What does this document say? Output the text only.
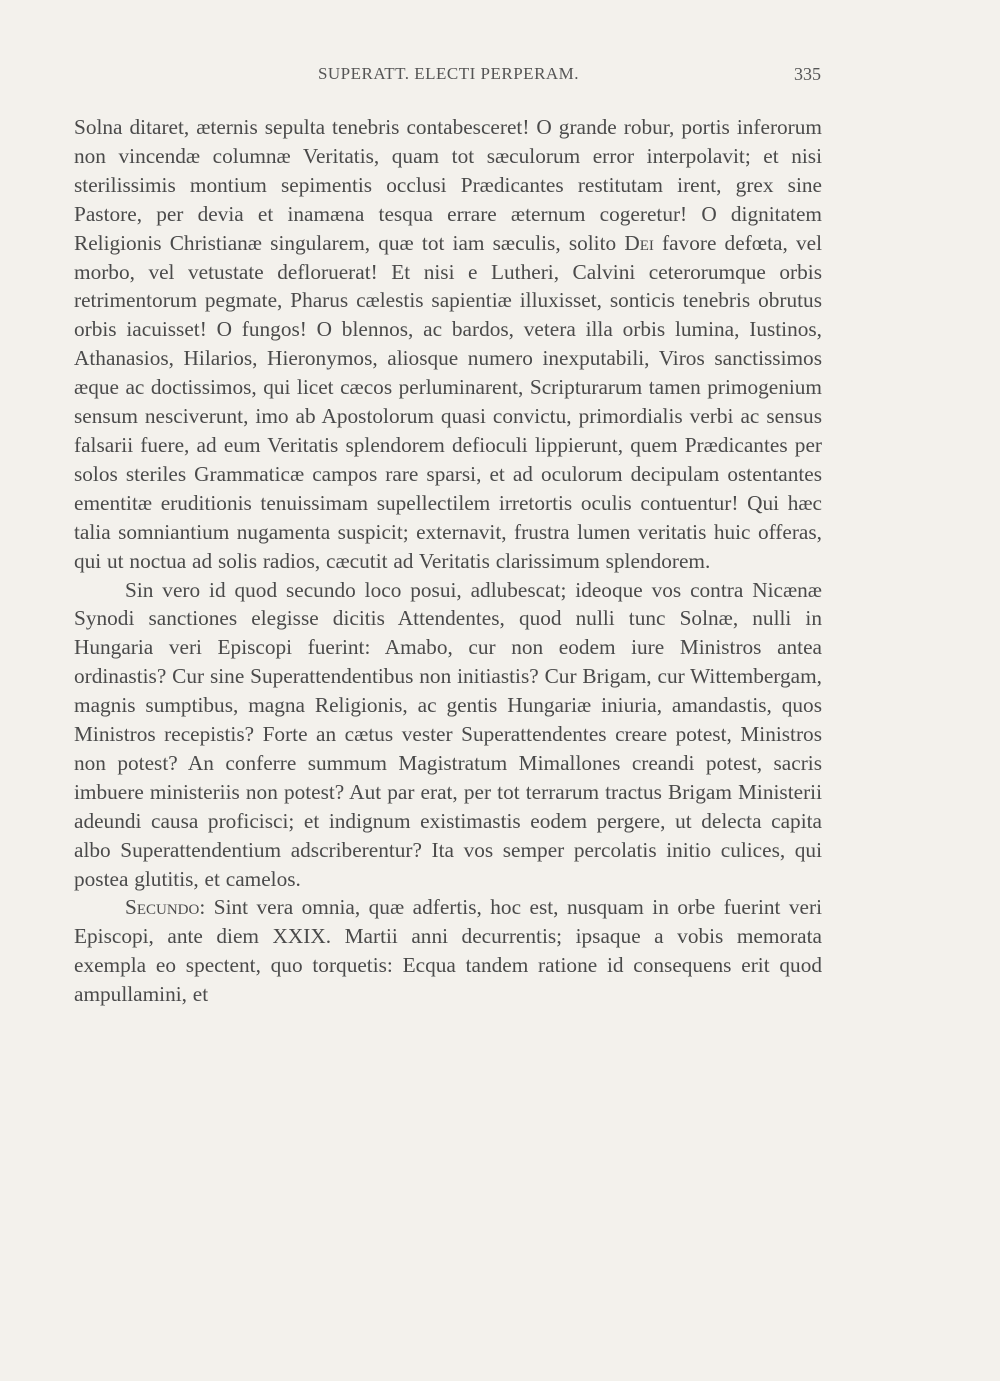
SUPERATT. ELECTI PERPERAM.	335

Solna ditaret, æternis sepulta tenebris contabesceret! O grande robur, portis inferorum non vincendæ columnæ Veritatis, quam tot sæculorum error interpolavit; et nisi sterilissimis montium sepimentis occlusi Prædicantes restitutam irent, grex sine Pastore, per devia et inamæna tesqua errare æternum cogeretur! O dignitatem Religionis Christianæ singularem, quæ tot iam sæculis, solito Dei favore defœta, vel morbo, vel vetustate defloruerat! Et nisi e Lutheri, Calvini ceterorumque orbis retrimentorum pegmate, Pharus cælestis sapientiæ illuxisset, sonticis tenebris obrutus orbis iacuisset! O fungos! O blennos, ac bardos, vetera illa orbis lumina, Iustinos, Athanasios, Hilarios, Hieronymos, aliosque numero inexputabili, Viros sanctissimos æque ac doctissimos, qui licet cæcos perluminarent, Scripturarum tamen primogenium sensum nesciverunt, imo ab Apostolorum quasi convictu, primordialis verbi ac sensus falsarii fuere, ad eum Veritatis splendorem defioculi lippierunt, quem Prædicantes per solos steriles Grammaticæ campos rare sparsi, et ad oculorum decipulam ostentantes ementitæ eruditionis tenuissimam supellectilem irretortis oculis contuentur! Qui hæc talia somniantium nugamenta suspicit; externavit, frustra lumen veritatis huic offeras, qui ut noctua ad solis radios, cæcutit ad Veritatis clarissimum splendorem.

Sin vero id quod secundo loco posui, adlubescat; ideoque vos contra Nicænæ Synodi sanctiones elegisse dicitis Attendentes, quod nulli tunc Solnæ, nulli in Hungaria veri Episcopi fuerint: Amabo, cur non eodem iure Ministros antea ordinastis? Cur sine Superattendentibus non initiastis? Cur Brigam, cur Wittembergam, magnis sumptibus, magna Religionis, ac gentis Hungariæ iniuria, amandastis, quos Ministros recepistis? Forte an cætus vester Superattendentes creare potest, Ministros non potest? An conferre summum Magistratum Mimallones creandi potest, sacris imbuere ministeriis non potest? Aut par erat, per tot terrarum tractus Brigam Ministerii adeundi causa proficisci; et indignum existimastis eodem pergere, ut delecta capita albo Superattendentium adscriberentur? Ita vos semper percolatis initio culices, qui postea glutitis, et camelos.

Secundo: Sint vera omnia, quæ adfertis, hoc est, nusquam in orbe fuerint veri Episcopi, ante diem XXIX. Martii anni decurrentis; ipsaque a vobis memorata exempla eo spectent, quo torquetis: Ecqua tandem ratione id consequens erit quod ampullamini, et
